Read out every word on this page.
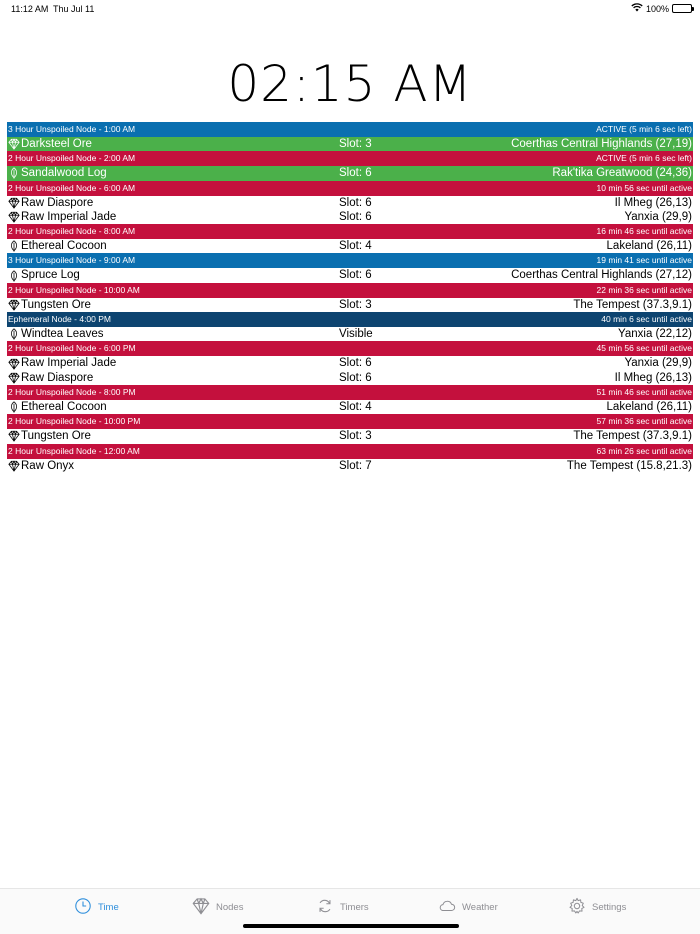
11:12 AM Thu Jul 11	100%
02:15 AM
3 Hour Unspoiled Node - 1:00 AM	ACTIVE (5 min 6 sec left)
Darksteel Ore	Slot: 3	Coerthas Central Highlands (27,19)
2 Hour Unspoiled Node - 2:00 AM	ACTIVE (5 min 6 sec left)
Sandalwood Log	Slot: 6	Rak'tika Greatwood (24,36)
2 Hour Unspoiled Node - 6:00 AM	10 min 56 sec until active
Raw Diaspore	Slot: 6	Il Mheg (26,13)
Raw Imperial Jade	Slot: 6	Yanxia (29,9)
2 Hour Unspoiled Node - 8:00 AM	16 min 46 sec until active
Ethereal Cocoon	Slot: 4	Lakeland (26,11)
3 Hour Unspoiled Node - 9:00 AM	19 min 41 sec until active
Spruce Log	Slot: 6	Coerthas Central Highlands (27,12)
2 Hour Unspoiled Node - 10:00 AM	22 min 36 sec until active
Tungsten Ore	Slot: 3	The Tempest (37.3,9.1)
Ephemeral Node - 4:00 PM	40 min 6 sec until active
Windtea Leaves	Visible	Yanxia (22,12)
2 Hour Unspoiled Node - 6:00 PM	45 min 56 sec until active
Raw Imperial Jade	Slot: 6	Yanxia (29,9)
Raw Diaspore	Slot: 6	Il Mheg (26,13)
2 Hour Unspoiled Node - 8:00 PM	51 min 46 sec until active
Ethereal Cocoon	Slot: 4	Lakeland (26,11)
2 Hour Unspoiled Node - 10:00 PM	57 min 36 sec until active
Tungsten Ore	Slot: 3	The Tempest (37.3,9.1)
2 Hour Unspoiled Node - 12:00 AM	63 min 26 sec until active
Raw Onyx	Slot: 7	The Tempest (15.8,21.3)
Time	Nodes	Timers	Weather	Settings
